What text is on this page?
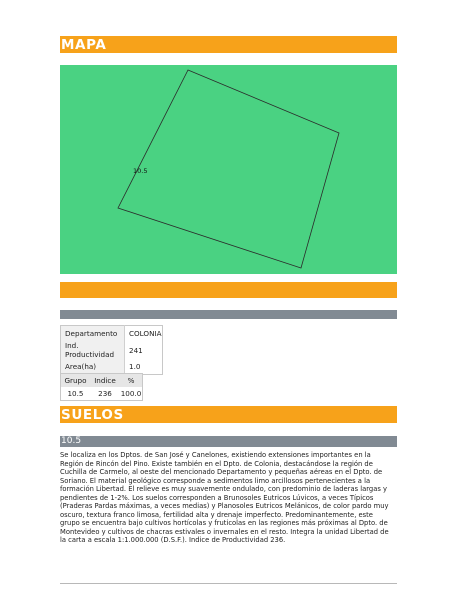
MAPA
10.5
Departamento	COLONIA
Ind. Productividad	241
Area(ha)	1.0
Grupo	Indice	%
10.5	236	100.0
SUELOS
10.5

Se localiza en los Dptos. de San José y Canelones, existiendo extensiones importantes en la Región de Rincón del Pino. Existe también en el Dpto. de Colonia, destacándose la región de Cuchilla de Carmelo, al oeste del mencionado Departamento y pequeñas aéreas en el Dpto. de Soriano. El material geológico corresponde a sedimentos limo arcillosos pertenecientes a la formación Libertad. El relieve es muy suavemente ondulado, con predominio de laderas largas y pendientes de 1-2%. Los suelos corresponden a Brunosoles Eutricos Lúvicos, a veces Típicos (Praderas Pardas máximas, a veces medias) y Planosoles Eutricos Melánicos, de color pardo muy oscuro, textura franco limosa, fertilidad alta y drenaje imperfecto. Predominantemente, este grupo se encuentra bajo cultivos hortícolas y fruticolas en las regiones más próximas al Dpto. de Montevideo y cultivos de chacras estivales o invernales en el resto. Integra la unidad Libertad de la carta a escala 1:1.000.000 (D.S.F.). Indice de Productividad 236.
